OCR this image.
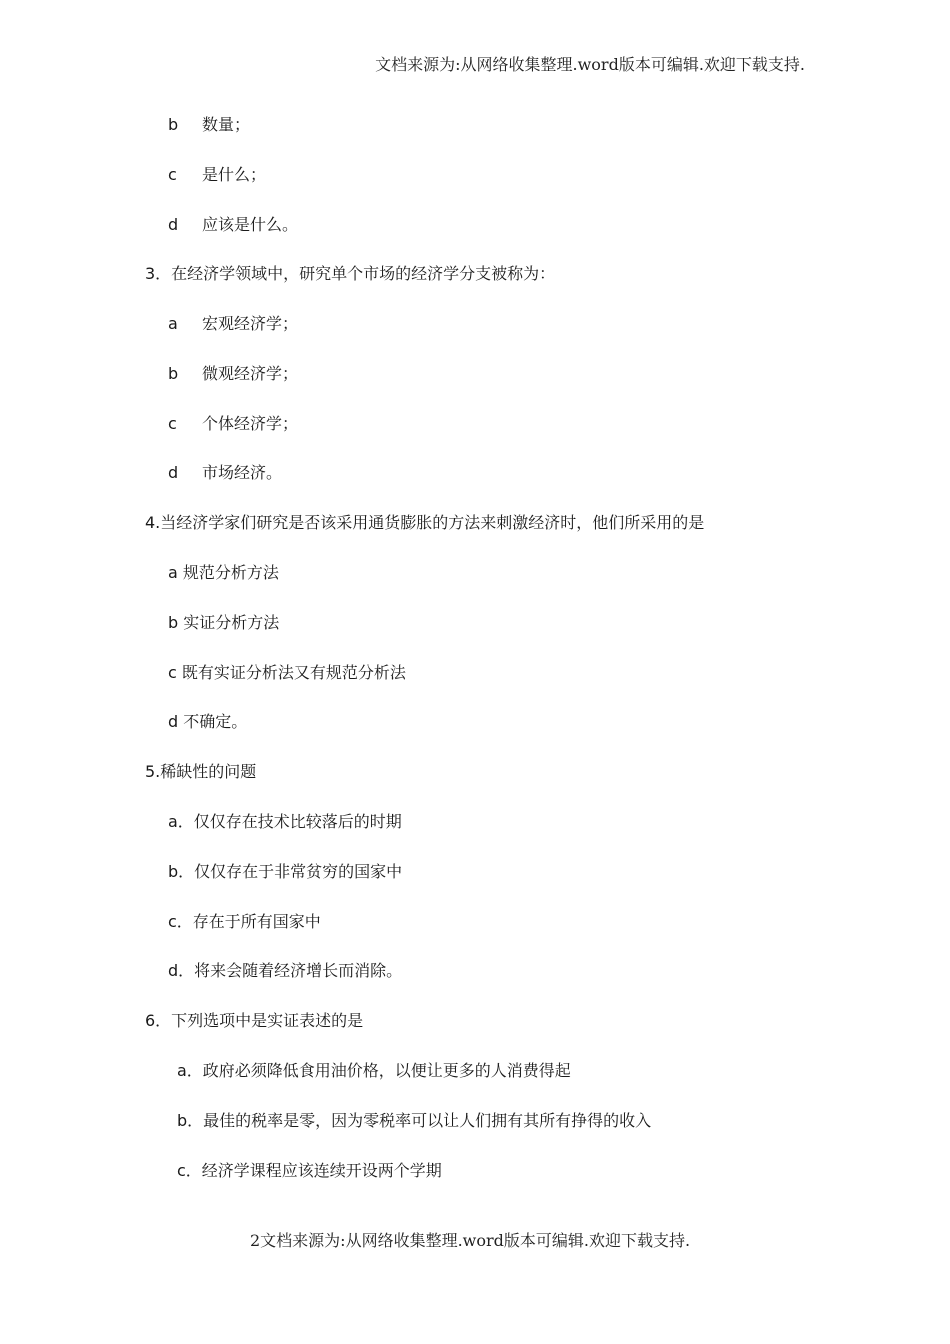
文档来源为:从网络收集整理.word版本可编辑.欢迎下载支持.
b 数量；
c 是什么；
d 应该是什么。
3．在经济学领域中，研究单个市场的经济学分支被称为：
a 宏观经济学；
b 微观经济学；
c 个体经济学；
d 市场经济。
4.当经济学家们研究是否该采用通货膨胀的方法来刺激经济时，他们所采用的是
a 规范分析方法
b 实证分析方法
c 既有实证分析法又有规范分析法
d 不确定。
5.稀缺性的问题
a．仅仅存在技术比较落后的时期
b．仅仅存在于非常贫穷的国家中
c．存在于所有国家中
d．将来会随着经济增长而消除。
6．下列选项中是实证表述的是
a．政府必须降低食用油价格，以便让更多的人消费得起
b．最佳的税率是零，因为零税率可以让人们拥有其所有挣得的收入
c．经济学课程应该连续开设两个学期
2文档来源为:从网络收集整理.word版本可编辑.欢迎下载支持.
